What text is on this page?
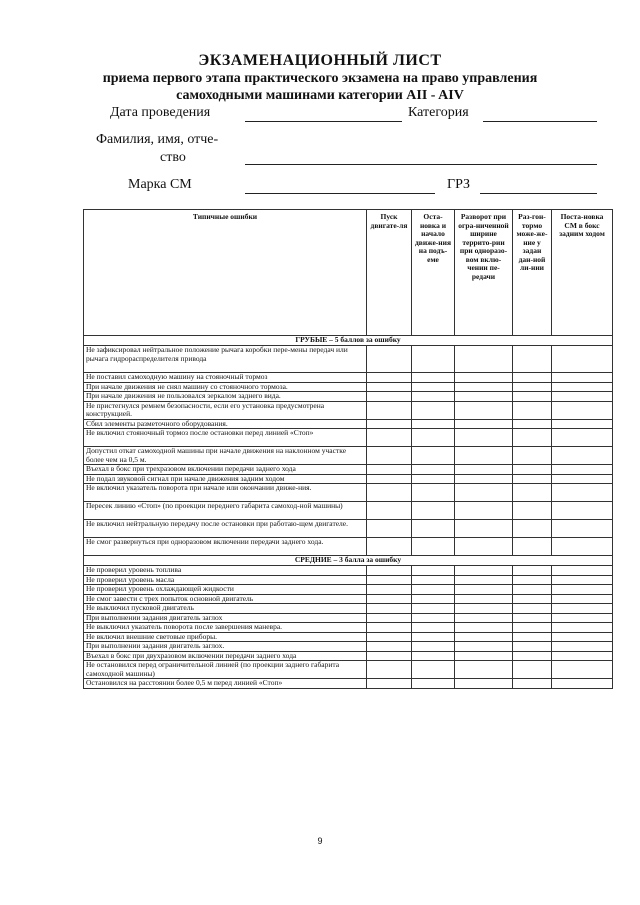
ЭКЗАМЕНАЦИОННЫЙ ЛИСТ
приема первого этапа практического экзамена на право управления
самоходными машинами категории AII - AIV
Дата проведения	Категория
Фамилия, имя, отче-
ство
Марка СМ	ГРЗ
Типичные ошибки	Пуск двигате-ля	Оста-новка и начало движе-ния на подъ-еме	Разворот при огра-ниченной ширине террито-рии при одноразо-вом вклю-чении пе-редачи	Раз-гон-тормо може-же-ние у задан дан-ной ли-нии	Поста-новка СМ в бокс задним ходом
ГРУБЫЕ – 5 баллов за ошибку					
Не зафиксировал нейтральное положение рычага коробки пере-мены передач или рычага гидрораспределителя привода					
Не поставил самоходную машину на стояночный тормоз					
При начале движения не снял машину со стояночного тормоза.					
При начале движения не пользовался зеркалом заднего вида.					
Не пристегнулся ремнем безопасности, если его установка предусмотрена конструкцией.					
Сбил элементы разметочного оборудования.					
Не включил стояночный тормоз после остановки перед линией «Стоп»					
Допустил откат самоходной машины при начале движения на наклонном участке более чем на 0,5 м.					
Въехал в бокс при трехразовом включении передачи заднего хода					
Не подал звуковой сигнал при начале движения задним ходом					
Не включил указатель поворота при начале или окончании движе-ния.					
Пересек линию «Стоп» (по проекции переднего габарита самоход-ной машины)					
Не включил нейтральную передачу после остановки при работаю-щем двигателе.					
Не смог развернуться при одноразовом включении передачи заднего хода.					
СРЕДНИЕ – 3 балла за ошибку					
Не проверил уровень топлива					
Не проверил уровень масла					
Не проверил уровень охлаждающей жидкости					
Не смог завести с трех попыток основной двигатель					
Не выключил пусковой двигатель					
При выполнении задания двигатель заглох					
Не выключил указатель поворота после завершения маневра.					
Не включил внешние световые приборы.					
При выполнении задания двигатель заглох.					
Въехал в бокс при двухразовом включении передачи заднего хода					
Не остановился перед ограничительной линией (по проекции заднего габарита самоходной машины)					
Остановился на расстоянии более 0,5 м перед линией «Стоп»					
9
